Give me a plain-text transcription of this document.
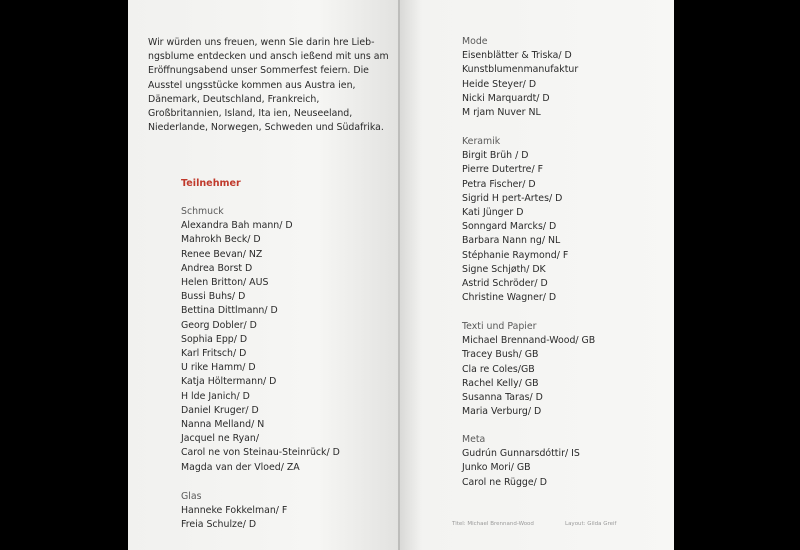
Wir würden uns freuen, wenn Sie darin hre Lieb- ngsblume entdecken und ansch ießend mit uns am Eröffnungsabend unser Sommerfest feiern. Die Ausstel ungsstücke kommen aus Austra ien, Dänemark, Deutschland, Frankreich, Großbritannien, Island, Ita ien, Neuseeland, Niederlande, Norwegen, Schweden und Südafrika.

Teilnehmer
Schmuck
Alexandra Bah mann/ D
Mahrokh Beck/ D
Renee Bevan/ NZ
Andrea Borst D
Helen Britton/ AUS
Bussi Buhs/ D
Bettina Dittlmann/ D
Georg Dobler/ D
Sophia Epp/ D
Karl Fritsch/ D
U rike Hamm/ D
Katja Höltermann/ D
H lde Janich/ D
Daniel Kruger/ D
Nanna Melland/ N
Jacquel ne Ryan/
Carol ne von Steinau-Steinrück/ D
Magda van der Vloed/ ZA
Glas
Hanneke Fokkelman/ F
Freia Schulze/ D
Mode
Eisenblätter & Triska/ D
Kunstblumenmanufaktur
Heide Steyer/ D
Nicki Marquardt/ D
M rjam Nuver NL
Keramik
Birgit Brüh / D
Pierre Dutertre/ F
Petra Fischer/ D
Sigrid H pert-Artes/ D
Kati Jünger D
Sonngard Marcks/ D
Barbara Nann ng/ NL
Stéphanie Raymond/ F
Signe Schjøth/ DK
Astrid Schröder/ D
Christine Wagner/ D
Texti und Papier
Michael Brennand-Wood/ GB
Tracey Bush/ GB
Cla re Coles/GB
Rachel Kelly/ GB
Susanna Taras/ D
Maria Verburg/ D
Meta
Gudrún Gunnarsdóttir/ IS
Junko Mori/ GB
Carol ne Rügge/ D
Titel: Michael Brennand-Wood	Layout: Gilda Greif
